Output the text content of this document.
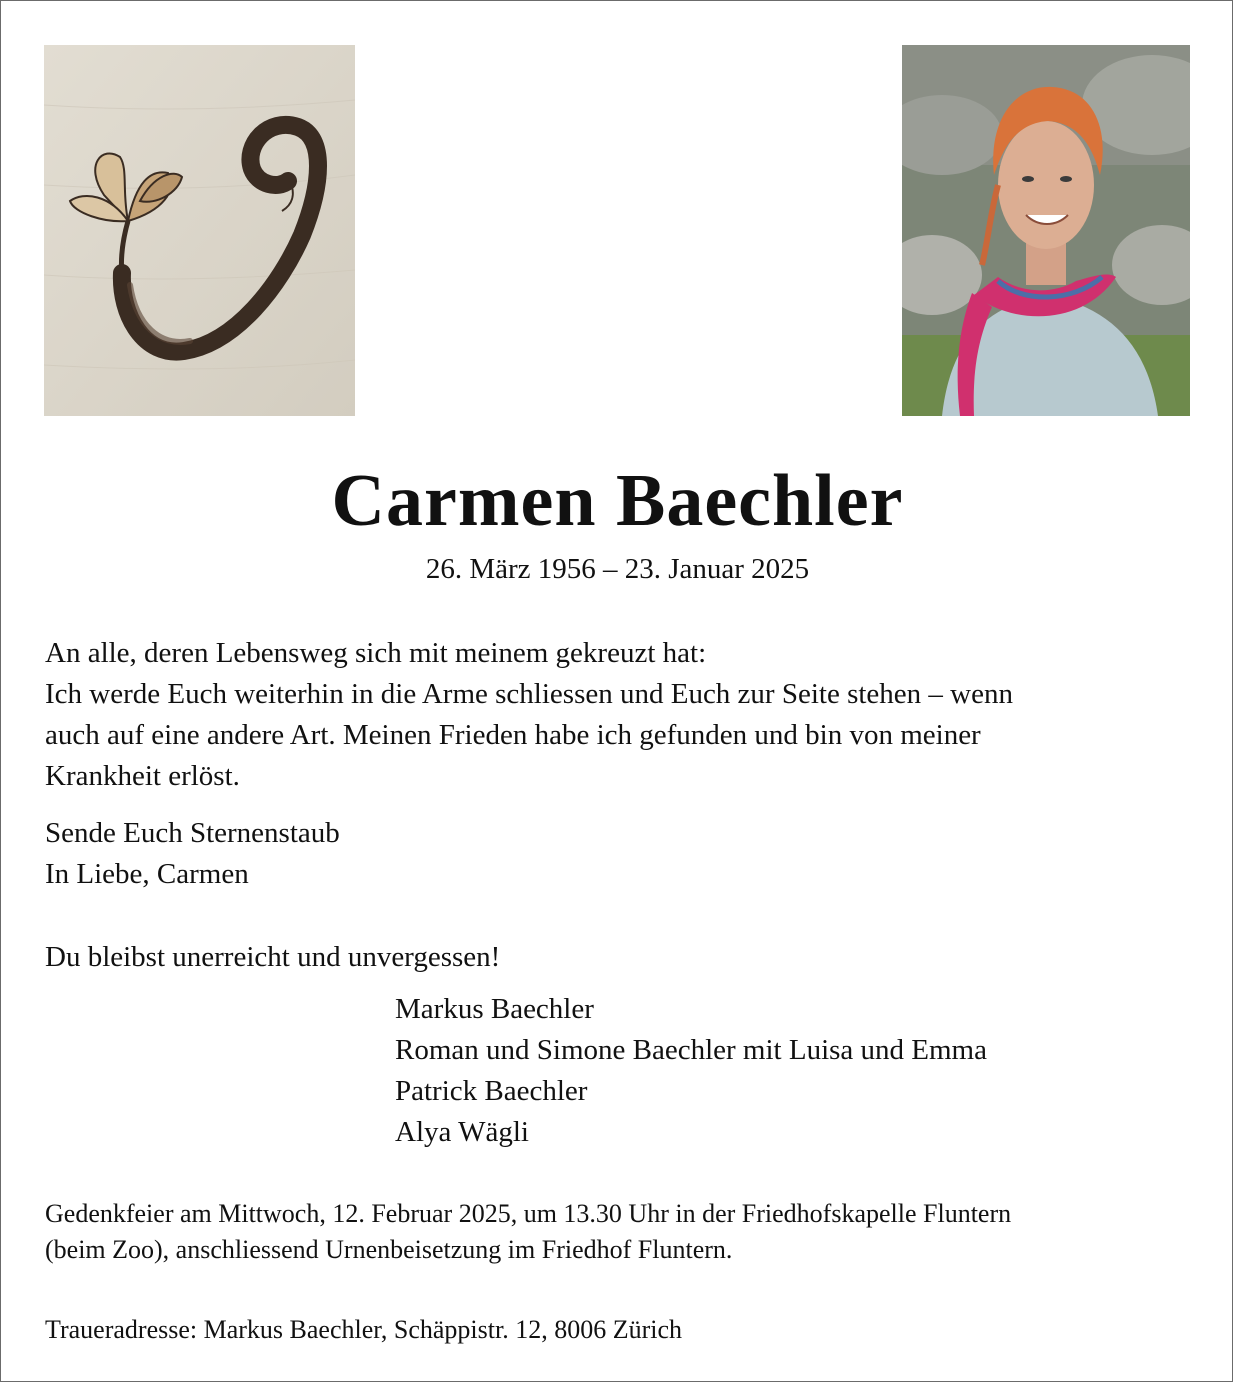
Carmen Baechler
26. März 1956 – 23. Januar 2025

An alle, deren Lebensweg sich mit meinem gekreuzt hat:
Ich werde Euch weiterhin in die Arme schliessen und Euch zur Seite stehen – wenn
auch auf eine andere Art. Meinen Frieden habe ich gefunden und bin von meiner
Krankheit erlöst.

Sende Euch Sternenstaub
In Liebe, Carmen

Du bleibst unerreicht und unvergessen!

Markus Baechler
Roman und Simone Baechler mit Luisa und Emma
Patrick Baechler
Alya Wägli

Gedenkfeier am Mittwoch, 12. Februar 2025, um 13.30 Uhr in der Friedhofskapelle Fluntern
(beim Zoo), anschliessend Urnenbeisetzung im Friedhof Fluntern.

Traueradresse: Markus Baechler, Schäppistr. 12, 8006 Zürich
